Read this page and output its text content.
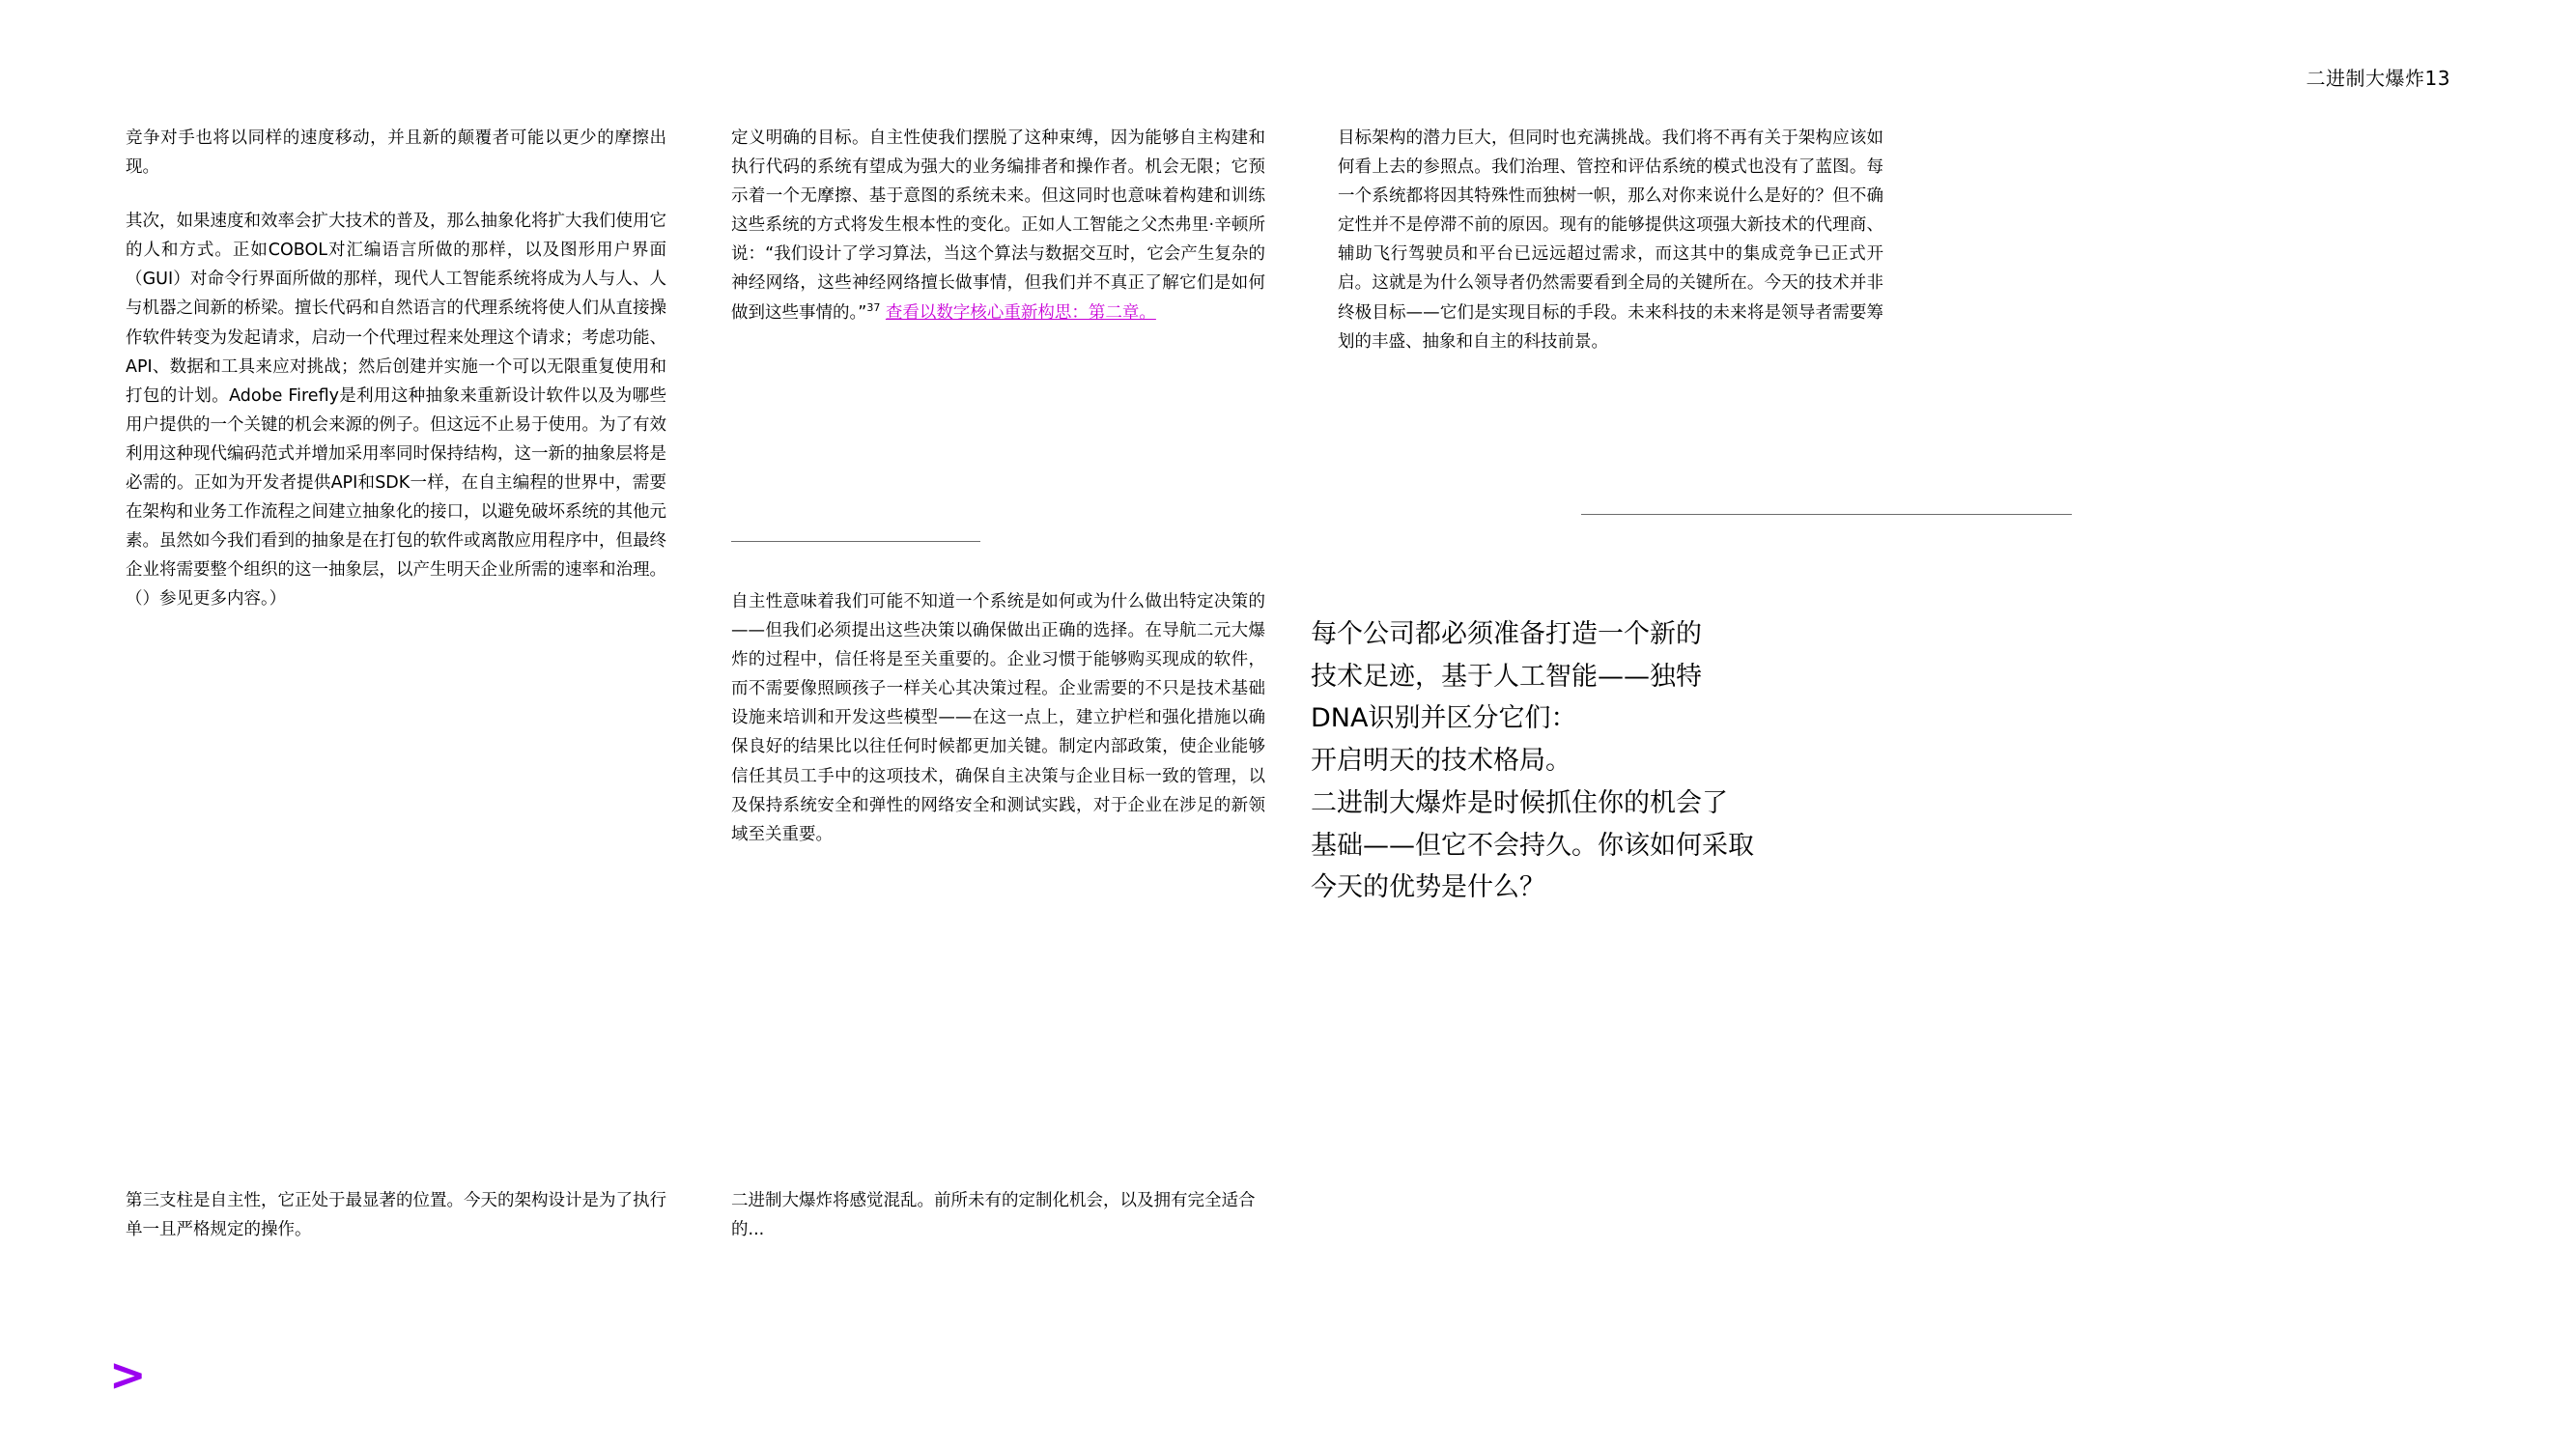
二进制大爆炸13

竞争对手也将以同样的速度移动，并且新的颠覆者可能以更少的摩擦出现。

其次，如果速度和效率会扩大技术的普及，那么抽象化将扩大我们使用它的人和方式。正如COBOL对汇编语言所做的那样，以及图形用户界面（GUI）对命令行界面所做的那样，现代人工智能系统将成为人与人、人与机器之间新的桥梁。擅长代码和自然语言的代理系统将使人们从直接操作软件转变为发起请求，启动一个代理过程来处理这个请求；考虑功能、API、数据和工具来应对挑战；然后创建并实施一个可以无限重复使用和打包的计划。Adobe Firefly是利用这种抽象来重新设计软件以及为哪些用户提供的一个关键的机会来源的例子。但这远不止易于使用。为了有效利用这种现代编码范式并增加采用率同时保持结构，这一新的抽象层将是必需的。正如为开发者提供API和SDK一样，在自主编程的世界中，需要在架构和业务工作流程之间建立抽象化的接口，以避免破坏系统的其他元素。虽然如今我们看到的抽象是在打包的软件或离散应用程序中，但最终企业将需要整个组织的这一抽象层，以产生明天企业所需的速率和治理。（）参见更多内容。）

定义明确的目标。自主性使我们摆脱了这种束缚，因为能够自主构建和执行代码的系统有望成为强大的业务编排者和操作者。机会无限；它预示着一个无摩擦、基于意图的系统未来。但这同时也意味着构建和训练这些系统的方式将发生根本性的变化。正如人工智能之父杰弗里·辛顿所说：“我们设计了学习算法，当这个算法与数据交互时，它会产生复杂的神经网络，这些神经网络擅长做事情，但我们并不真正了解它们是如何做到这些事情的。”$^{37}$ 查看以数字核心重新构思：第二章。

自主性意味着我们可能不知道一个系统是如何或为什么做出特定决策的——但我们必须提出这些决策以确保做出正确的选择。在导航二元大爆炸的过程中，信任将是至关重要的。企业习惯于能够购买现成的软件，而不需要像照顾孩子一样关心其决策过程。企业需要的不只是技术基础设施来培训和开发这些模型——在这一点上，建立护栏和强化措施以确保良好的结果比以往任何时候都更加关键。制定内部政策，使企业能够信任其员工手中的这项技术，确保自主决策与企业目标一致的管理，以及保持系统安全和弹性的网络安全和测试实践，对于企业在涉足的新领域至关重要。

目标架构的潜力巨大，但同时也充满挑战。我们将不再有关于架构应该如何看上去的参照点。我们治理、管控和评估系统的模式也没有了蓝图。每一个系统都将因其特殊性而独树一帜，那么对你来说什么是好的？但不确定性并不是停滞不前的原因。现有的能够提供这项强大新技术的代理商、辅助飞行驾驶员和平台已远远超过需求，而这其中的集成竞争已正式开启。这就是为什么领导者仍然需要看到全局的关键所在。今天的技术并非终极目标——它们是实现目标的手段。未来科技的未来将是领导者需要筹划的丰盛、抽象和自主的科技前景。

每个公司都必须准备打造一个新的
技术足迹，基于人工智能——独特
DNA识别并区分它们：
开启明天的技术格局。
二进制大爆炸是时候抓住你的机会了
基础——但它不会持久。你该如何采取
今天的优势是什么？
第三支柱是自主性，它正处于最显著的位置。今天的架构设计是为了执行单一且严格规定的操作。
二进制大爆炸将感觉混乱。前所未有的定制化机会，以及拥有完全适合的...
>
